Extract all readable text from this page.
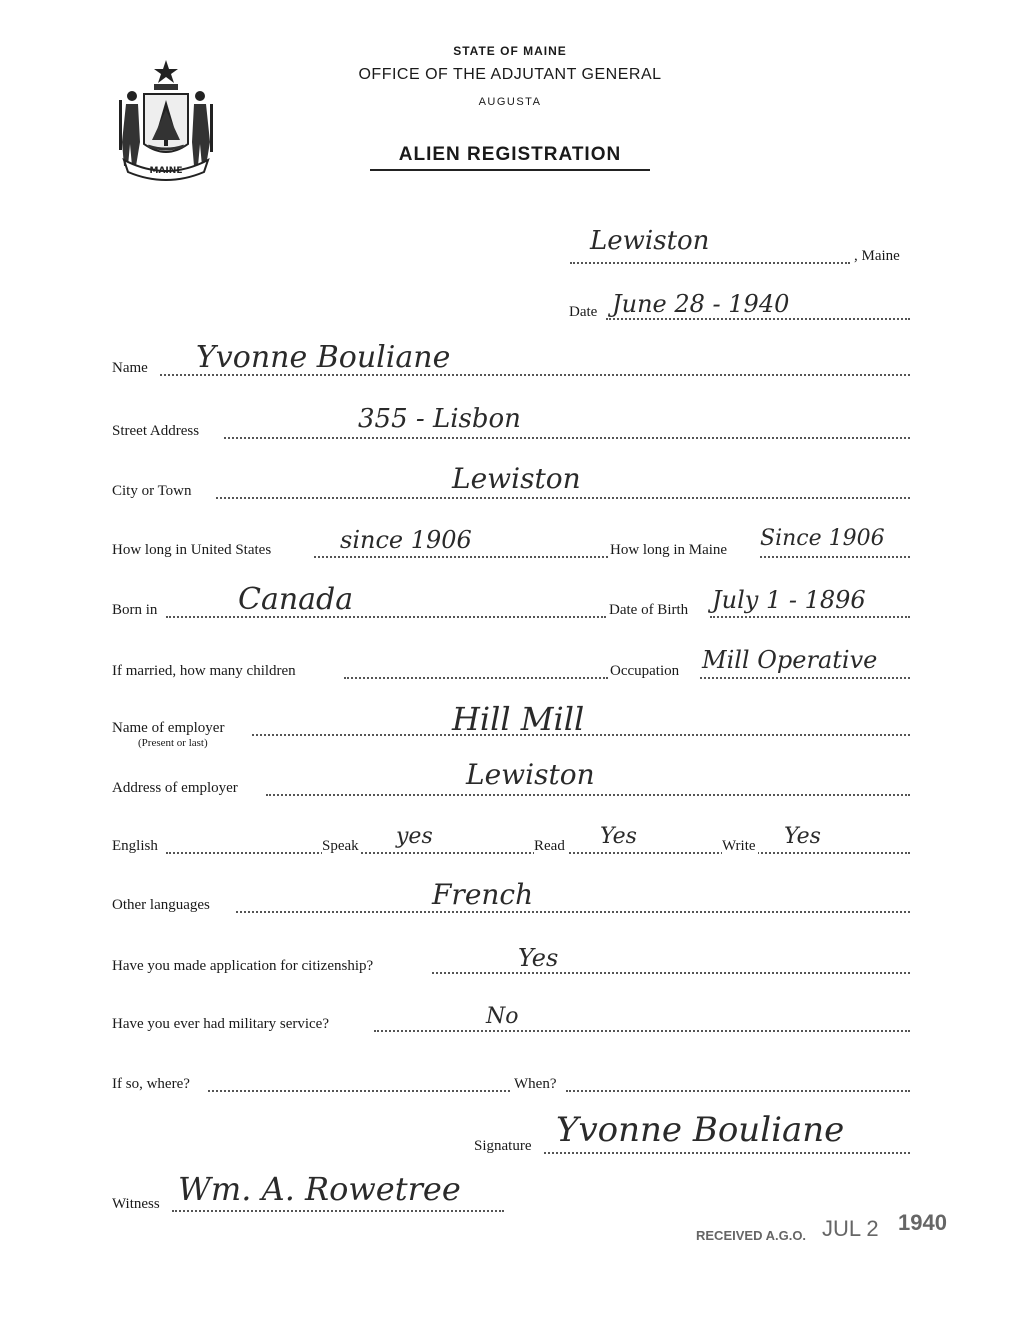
MAINE
STATE OF MAINE
OFFICE OF THE ADJUTANT GENERAL
AUGUSTA
ALIEN REGISTRATION
Lewiston	, Maine
Date June 28 - 1940
Name Yvonne Bouliane
Street Address	355 - Lisbon
City or Town	Lewiston
How long in United States	since 1906	How long in Maine Since 1906
Born in	Canada	Date of Birth July 1 - 1896
If married, how many children	Occupation Mill Operative
Name of employer
(Present or last)
Hill Mill
Address of employer	Lewiston
English	Speak yes	Read Yes	Write Yes
Other languages	French
Have you made application for citizenship?	Yes
Have you ever had military service?	No
If so, where?	When?
Signature Yvonne Bouliane
Witness Wm. A. Rowetree
RECEIVED A.G.O. JUL 2 1940
